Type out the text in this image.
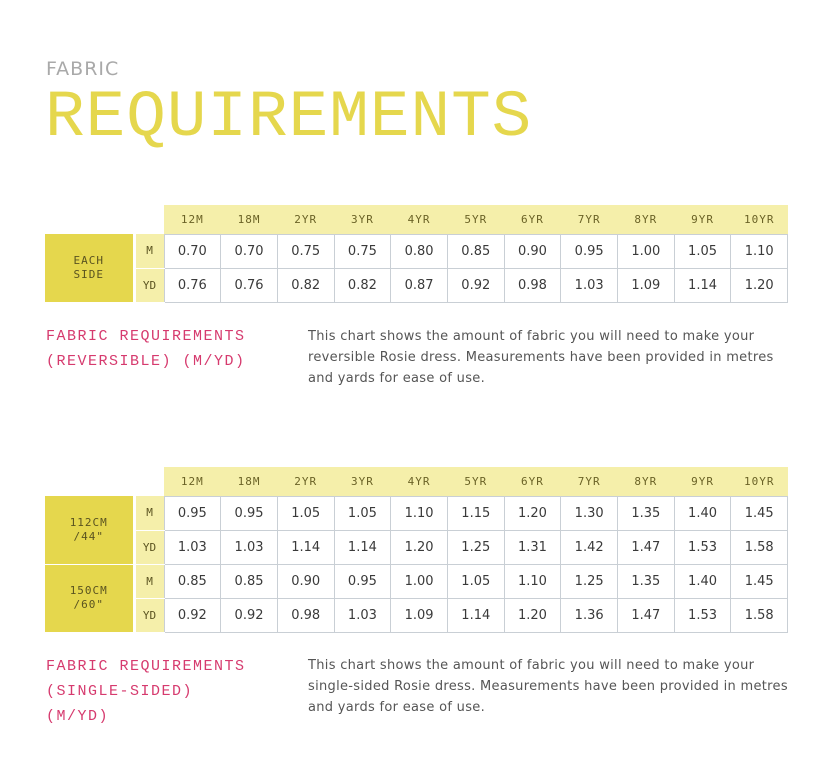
FABRIC
REQUIREMENTS
		12M	18M	2YR	3YR	4YR	5YR	6YR	7YR	8YR	9YR	10YR

EACH
SIDE	M	0.70	0.70	0.75	0.75	0.80	0.85	0.90	0.95	1.00	1.05	1.10
	YD	0.76	0.76	0.82	0.82	0.87	0.92	0.98	1.03	1.09	1.14	1.20
FABRIC REQUIREMENTS
(REVERSIBLE) (M/YD)

This chart shows the amount of fabric you will need to make your reversible Rosie dress. Measurements have been provided in metres and yards for ease of use.

		12M	18M	2YR	3YR	4YR	5YR	6YR	7YR	8YR	9YR	10YR

112CM
/44"	M	0.95	0.95	1.05	1.05	1.10	1.15	1.20	1.30	1.35	1.40	1.45
	YD	1.03	1.03	1.14	1.14	1.20	1.25	1.31	1.42	1.47	1.53	1.58

150CM
/60"	M	0.85	0.85	0.90	0.95	1.00	1.05	1.10	1.25	1.35	1.40	1.45
	YD	0.92	0.92	0.98	1.03	1.09	1.14	1.20	1.36	1.47	1.53	1.58
FABRIC REQUIREMENTS
(SINGLE-SIDED)
(M/YD)

This chart shows the amount of fabric you will need to make your single-sided Rosie dress. Measurements have been provided in metres and yards for ease of use.
